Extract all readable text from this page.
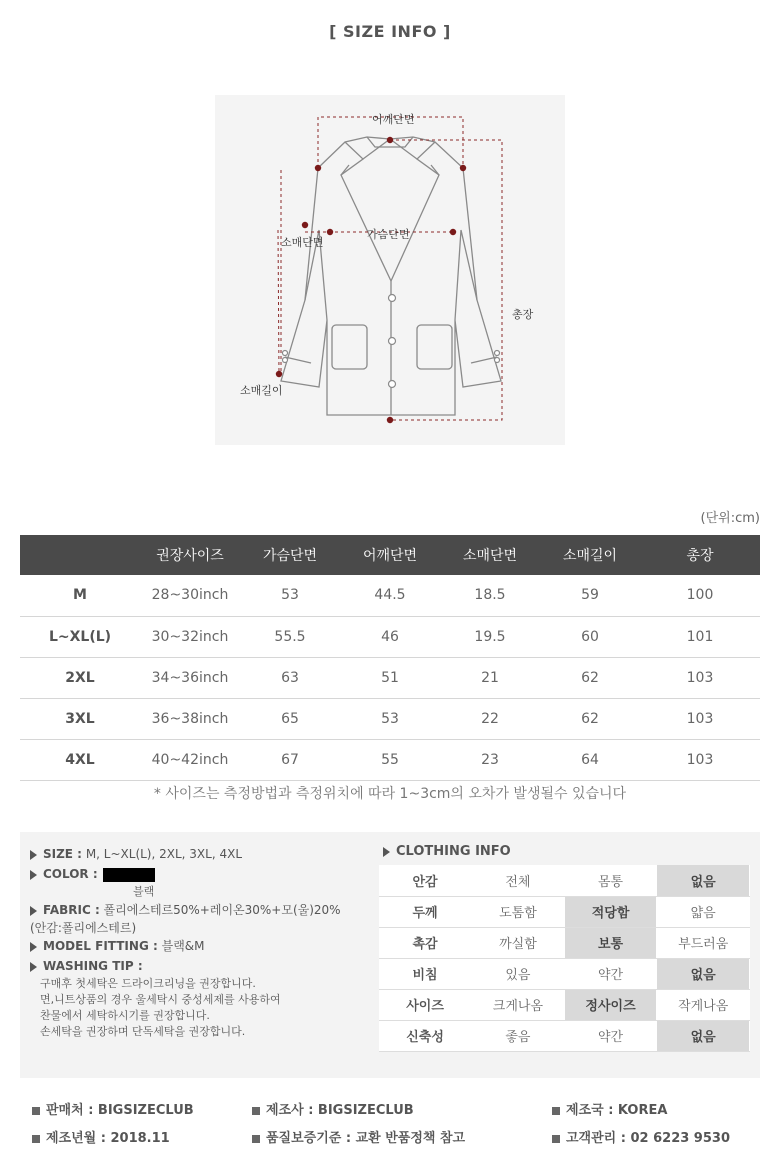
[ SIZE INFO ]
어깨단면
가슴단면
소매단면
총장
소매길이
(단위:cm)
	권장사이즈	가슴단면	어깨단면	소매단면	소매길이	총장
M	28~30inch	53	44.5	18.5	59	100
L~XL(L)	30~32inch	55.5	46	19.5	60	101
2XL	34~36inch	63	51	21	62	103
3XL	36~38inch	65	53	22	62	103
4XL	40~42inch	67	55	23	64	103
* 사이즈는 측정방법과 측정위치에 따라 1~3cm의 오차가 발생될수 있습니다
SIZE : M, L~XL(L), 2XL, 3XL, 4XL
COLOR :
블랙
FABRIC : 폴리에스테르50%+레이온30%+모(울)20%
(안감:폴리에스테르)
MODEL FITTING : 블랙&M
WASHING TIP :
구매후 첫세탁은 드라이크리닝을 권장합니다.
면,니트상품의 경우 울세탁시 중성세제를 사용하여
찬물에서 세탁하시기를 권장합니다.
손세탁을 권장하며 단독세탁을 권장합니다.
CLOTHING INFO
안감	전체	몸통	없음
두께	도톰함	적당함	얇음
촉감	까실함	보통	부드러움
비침	있음	약간	없음
사이즈	크게나옴	정사이즈	작게나옴
신축성	좋음	약간	없음
판매처 : BIGSIZECLUB	제조사 : BIGSIZECLUB	제조국 : KOREA
제조년월 : 2018.11	품질보증기준 : 교환 반품정책 참고	고객관리 : 02 6223 9530
